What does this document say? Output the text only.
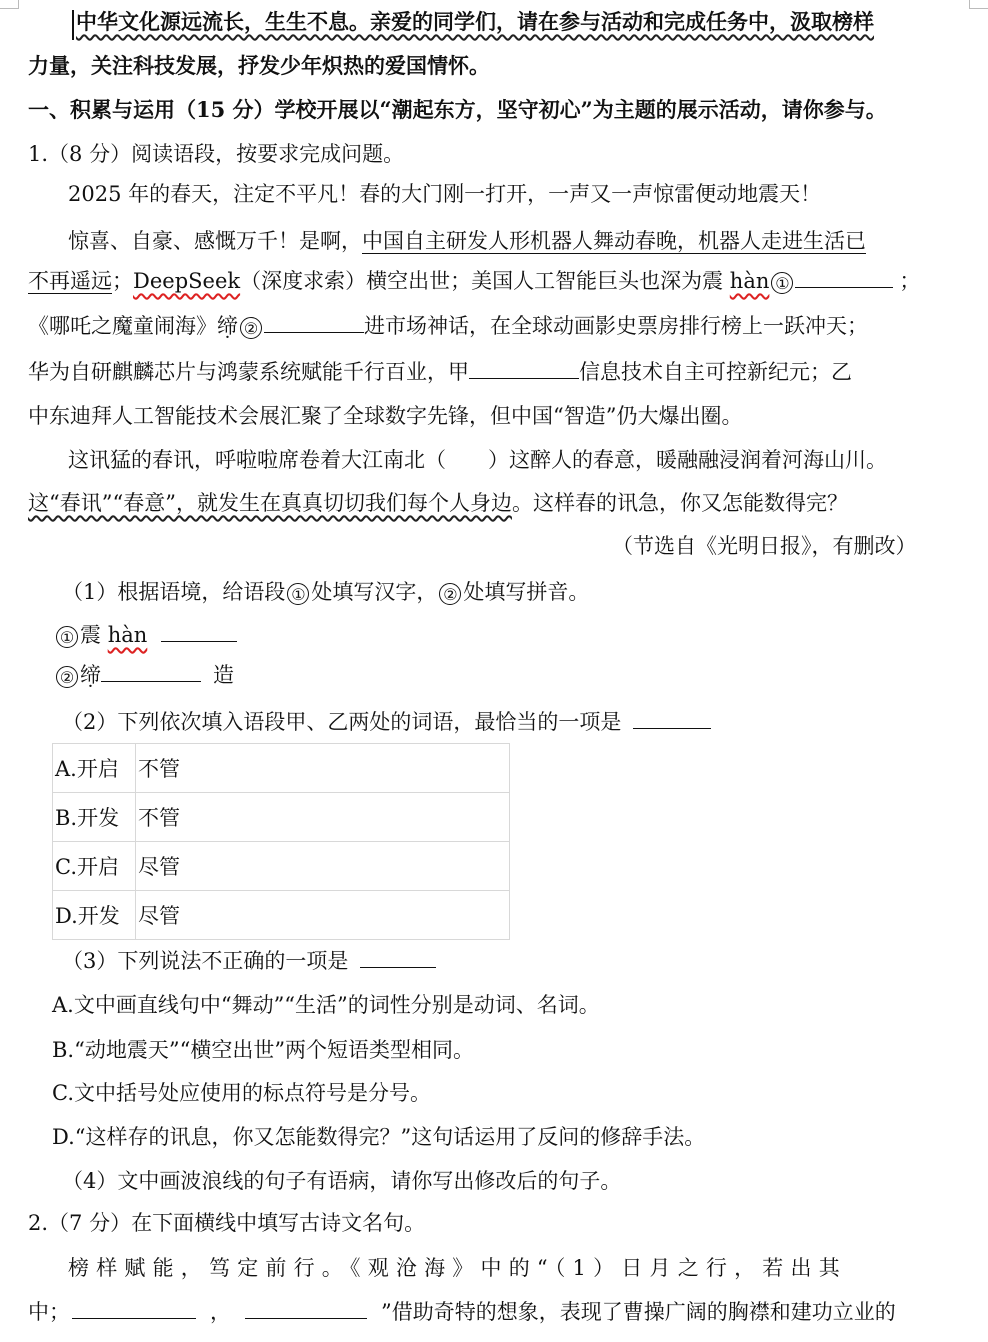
中华文化源远流长，生生不息。亲爱的同学们，请在参与活动和完成任务中，汲取榜样
力量，关注科技发展，抒发少年炽热的爱国情怀。
一、积累与运用（15 分）学校开展以“潮起东方，坚守初心”为主题的展示活动，请你参与。
1.（8 分）阅读语段，按要求完成问题。
2025 年的春天，注定不平凡！春的大门刚一打开，一声又一声惊雷便动地震天！
惊喜、自豪、感慨万千！是啊，中国自主研发人形机器人舞动春晚，机器人走进生活已
不再遥远；DeepSeek（深度求索）横空出世；美国人工智能巨头也深为震 hàn ①	；
《哪吒之魔童闹海》缔 ②	进市场神话，在全球动画影史票房排行榜上一跃冲天；
华为自研麒麟芯片与鸿蒙系统赋能千行百业，甲	信息技术自主可控新纪元；乙
中东迪拜人工智能技术会展汇聚了全球数字先锋，但中国“智造”仍大爆出圈。
这讯猛的春讯，呼啦啦席卷着大江南北（　　）这醉人的春意，暖融融浸润着河海山川。
这“春讯”“春意”，就发生在真真切切我们每个人身边。这样春的讯急，你又怎能数得完？
（节选自《光明日报》，有删改）
（1）根据语境，给语段 ① 处填写汉字， ② 处填写拼音。
① 震 hàn
② 缔	造
（2）下列依次填入语段甲、乙两处的词语，最恰当的一项是
A.开启	不管
B.开发	不管
C.开启	尽管
D.开发	尽管
（3）下列说法不正确的一项是
A.文中画直线句中“舞动”“生活”的词性分别是动词、名词。
B.“动地震天”“横空出世”两个短语类型相同。
C.文中括号处应使用的标点符号是分号。
D.“这样存的讯息，你又怎能数得完？”这句话运用了反问的修辞手法。
（4）文中画波浪线的句子有语病，请你写出修改后的句子。
2.（7 分）在下面横线中填写古诗文名句。
榜样赋能，笃定前行。《观沧海》中的“（1）日月之行，若出其
中；	，	”借助奇特的想象，表现了曹操广阔的胸襟和建功立业的
